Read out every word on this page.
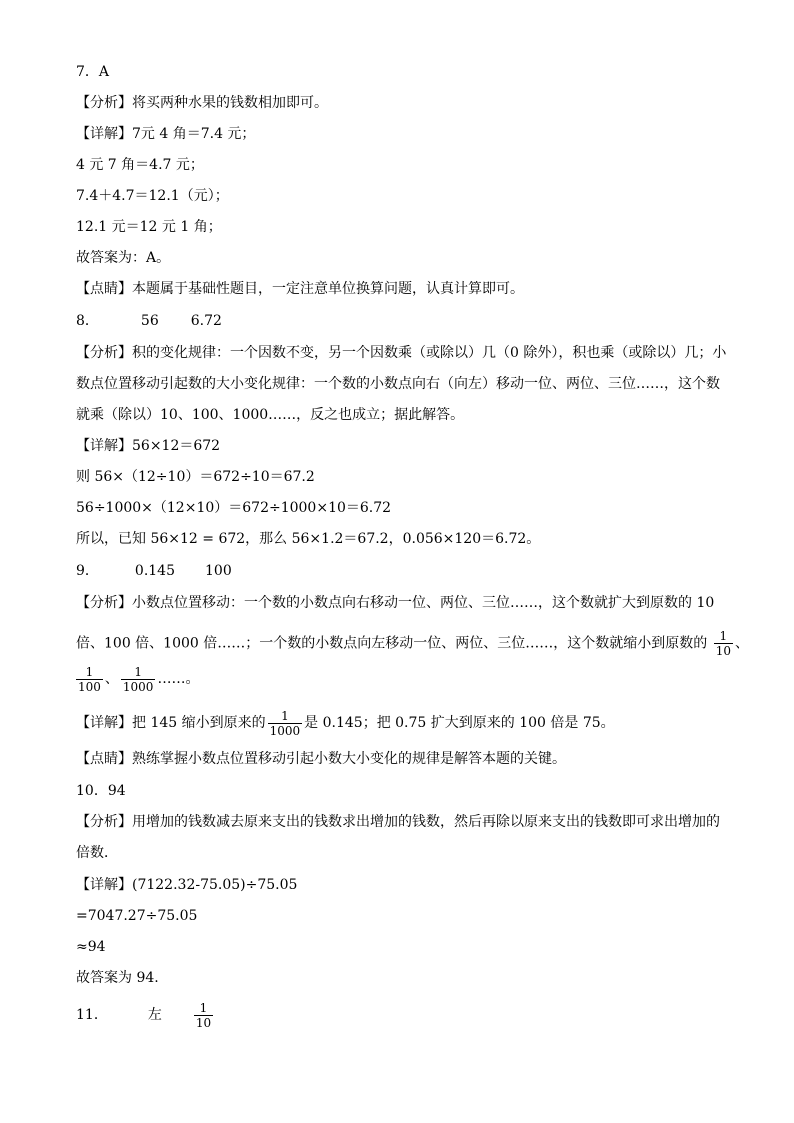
7．A
【分析】将买两种水果的钱数相加即可。
【详解】7元 4 角＝7.4 元；
4 元 7 角＝4.7 元；
7.4＋4.7＝12.1（元）；
12.1 元＝12 元 1 角；
故答案为：A。
【点睛】本题属于基础性题目，一定注意单位换算问题，认真计算即可。
8．	56 6.72
【分析】积的变化规律：一个因数不变，另一个因数乘（或除以）几（0 除外），积也乘（或除以）几；小
数点位置移动引起数的大小变化规律：一个数的小数点向右（向左）移动一位、两位、三位……，这个数
就乘（除以）10、100、1000……，反之也成立；据此解答。
【详解】56×12＝672
则 56×（12÷10）＝672÷10＝67.2
56÷1000×（12×10）＝672÷1000×10＝6.72
所以，已知 56×12 = 672，那么 56×1.2＝67.2，0.056×120＝6.72。
9．	0.145 100
【分析】小数点位置移动：一个数的小数点向右移动一位、两位、三位……，这个数就扩大到原数的 10
倍、100 倍、1000 倍……；一个数的小数点向左移动一位、两位、三位……，这个数就缩小到原数的 $\frac{1}{10}$ 、
$\frac{1}{100}$ 、 $\frac{1}{1000}$ ……。
【详解】把 145 缩小到原来的 $\frac{1}{1000}$ 是 0.145；把 0.75 扩大到原来的 100 倍是 75。
【点睛】熟练掌握小数点位置移动引起小数大小变化的规律是解答本题的关键。
10．94
【分析】用增加的钱数减去原来支出的钱数求出增加的钱数，然后再除以原来支出的钱数即可求出增加的
倍数．
【详解】(7122.32-75.05)÷75.05
=7047.27÷75.05
≈94
故答案为 94.
11．	左	$\frac{1}{10}$
